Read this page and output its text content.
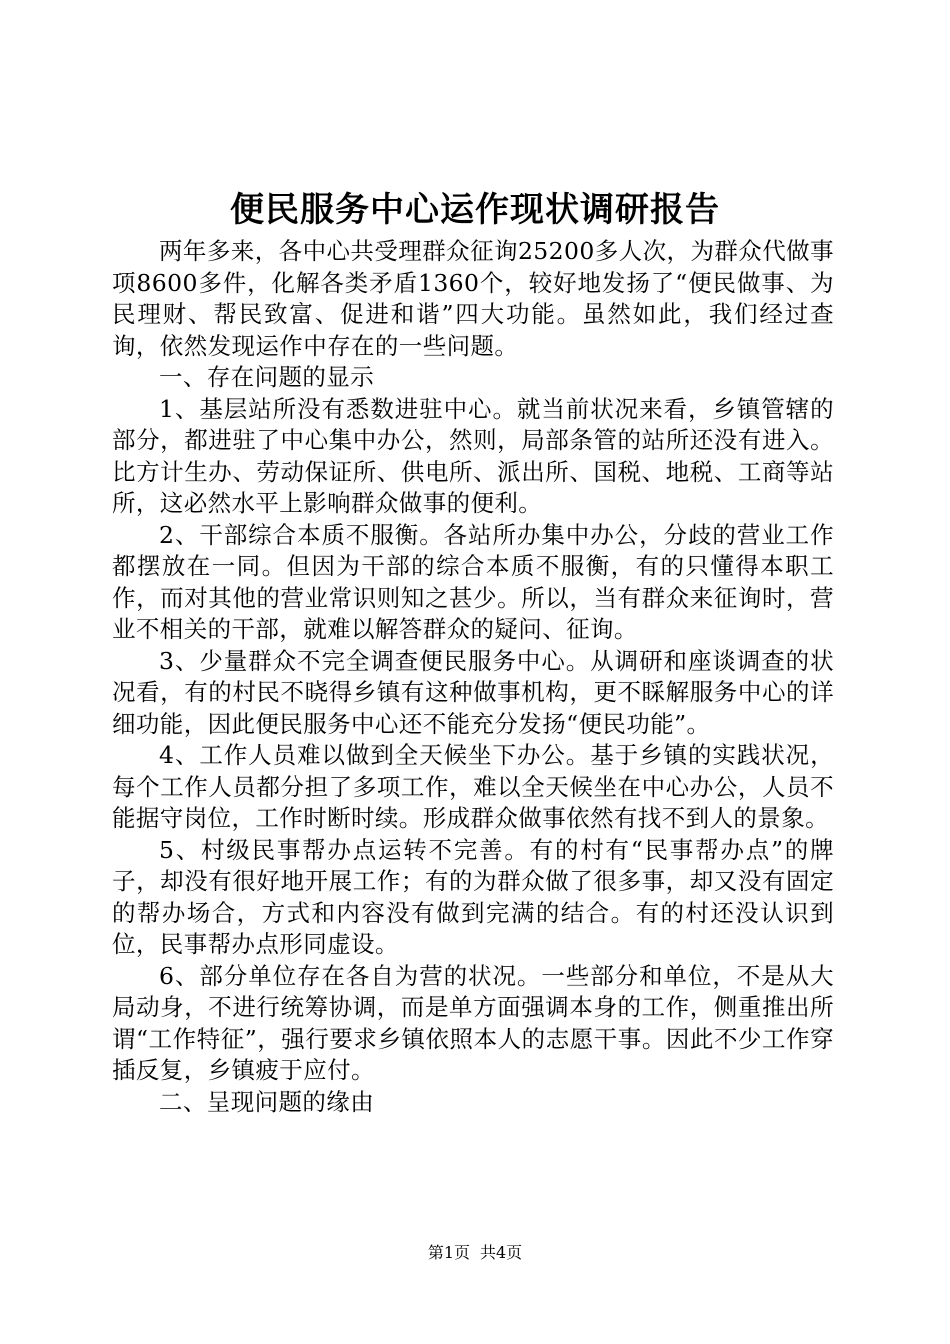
便民服务中心运作现状调研报告

两年多来，各中心共受理群众征询25200多人次，为群众代做事项8600多件，化解各类矛盾1360个，较好地发扬了“便民做事、为民理财、帮民致富、促进和谐”四大功能。虽然如此，我们经过查询，依然发现运作中存在的一些问题。

一、存在问题的显示

1、基层站所没有悉数进驻中心。就当前状况来看，乡镇管辖的部分，都进驻了中心集中办公，然则，局部条管的站所还没有进入。比方计生办、劳动保证所、供电所、派出所、国税、地税、工商等站所，这必然水平上影响群众做事的便利。

2、干部综合本质不服衡。各站所办集中办公，分歧的营业工作都摆放在一同。但因为干部的综合本质不服衡，有的只懂得本职工作，而对其他的营业常识则知之甚少。所以，当有群众来征询时，营业不相关的干部，就难以解答群众的疑问、征询。

3、少量群众不完全调查便民服务中心。从调研和座谈调查的状况看，有的村民不晓得乡镇有这种做事机构，更不睬解服务中心的详细功能，因此便民服务中心还不能充分发扬“便民功能”。

4、工作人员难以做到全天候坐下办公。基于乡镇的实践状况，每个工作人员都分担了多项工作，难以全天候坐在中心办公，人员不能据守岗位，工作时断时续。形成群众做事依然有找不到人的景象。

5、村级民事帮办点运转不完善。有的村有“民事帮办点”的牌子，却没有很好地开展工作；有的为群众做了很多事，却又没有固定的帮办场合，方式和内容没有做到完满的结合。有的村还没认识到位，民事帮办点形同虚设。

6、部分单位存在各自为营的状况。一些部分和单位，不是从大局动身，不进行统筹协调，而是单方面强调本身的工作，侧重推出所谓“工作特征”，强行要求乡镇依照本人的志愿干事。因此不少工作穿插反复，乡镇疲于应付。

二、呈现问题的缘由

第1页 共4页
